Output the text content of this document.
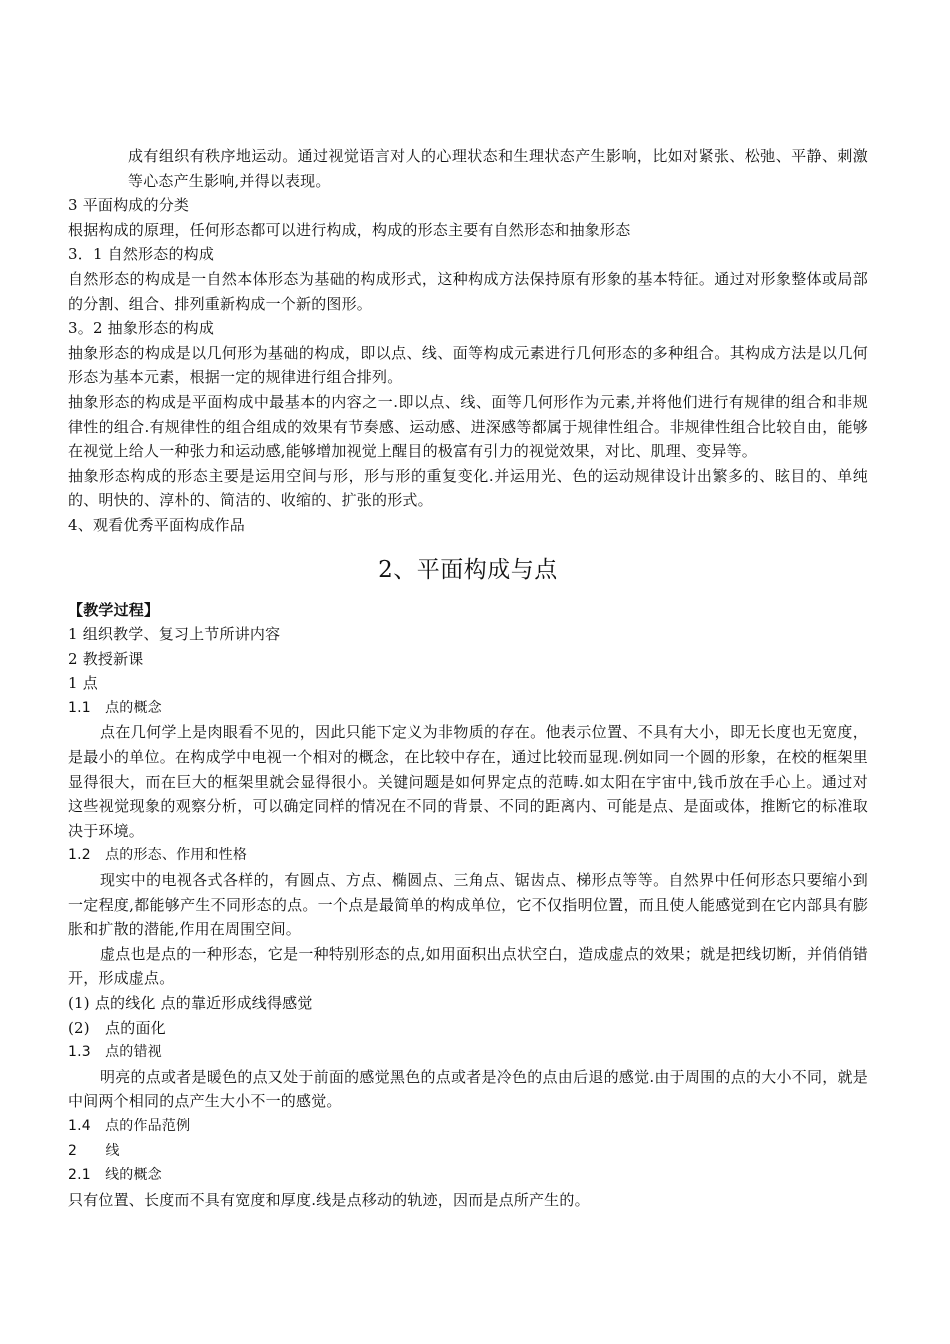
成有组织有秩序地运动。通过视觉语言对人的心理状态和生理状态产生影响，比如对紧张、松弛、平静、刺激等心态产生影响,并得以表现。

3 平面构成的分类

根据构成的原理，任何形态都可以进行构成，构成的形态主要有自然形态和抽象形态

3．1 自然形态的构成

自然形态的构成是一自然本体形态为基础的构成形式，这种构成方法保持原有形象的基本特征。通过对形象整体或局部的分割、组合、排列重新构成一个新的图形。

3。2 抽象形态的构成

抽象形态的构成是以几何形为基础的构成，即以点、线、面等构成元素进行几何形态的多种组合。其构成方法是以几何形态为基本元素，根据一定的规律进行组合排列。

抽象形态的构成是平面构成中最基本的内容之一.即以点、线、面等几何形作为元素,并将他们进行有规律的组合和非规律性的组合.有规律性的组合组成的效果有节奏感、运动感、进深感等都属于规律性组合。非规律性组合比较自由，能够在视觉上给人一种张力和运动感,能够增加视觉上醒目的极富有引力的视觉效果，对比、肌理、变异等。

抽象形态构成的形态主要是运用空间与形，形与形的重复变化.并运用光、色的运动规律设计出繁多的、眩目的、单纯的、明快的、淳朴的、简洁的、收缩的、扩张的形式。

4、观看优秀平面构成作品

2、平面构成与点

【教学过程】

1 组织教学、复习上节所讲内容

2 教授新课

1 点

1.1　点的概念

点在几何学上是肉眼看不见的，因此只能下定义为非物质的存在。他表示位置、不具有大小，即无长度也无宽度，是最小的单位。在构成学中电视一个相对的概念，在比较中存在，通过比较而显现.例如同一个圆的形象，在校的框架里显得很大，而在巨大的框架里就会显得很小。关键问题是如何界定点的范畴.如太阳在宇宙中,钱币放在手心上。通过对这些视觉现象的观察分析，可以确定同样的情况在不同的背景、不同的距离内、可能是点、是面或体，推断它的标准取决于环境。

1.2　点的形态、作用和性格

现实中的电视各式各样的，有圆点、方点、椭圆点、三角点、锯齿点、梯形点等等。自然界中任何形态只要缩小到一定程度,都能够产生不同形态的点。一个点是最简单的构成单位，它不仅指明位置，而且使人能感觉到在它内部具有膨胀和扩散的潜能,作用在周围空间。

虚点也是点的一种形态，它是一种特别形态的点,如用面积出点状空白，造成虚点的效果；就是把线切断，并俏俏错开，形成虚点。

(1) 点的线化 点的靠近形成线得感觉

(2)　点的面化

1.3　点的错视

明亮的点或者是暖色的点又处于前面的感觉黑色的点或者是冷色的点由后退的感觉.由于周围的点的大小不同，就是中间两个相同的点产生大小不一的感觉。

1.4　点的作品范例

2　　线

2.1　线的概念

只有位置、长度而不具有宽度和厚度.线是点移动的轨迹，因而是点所产生的。
